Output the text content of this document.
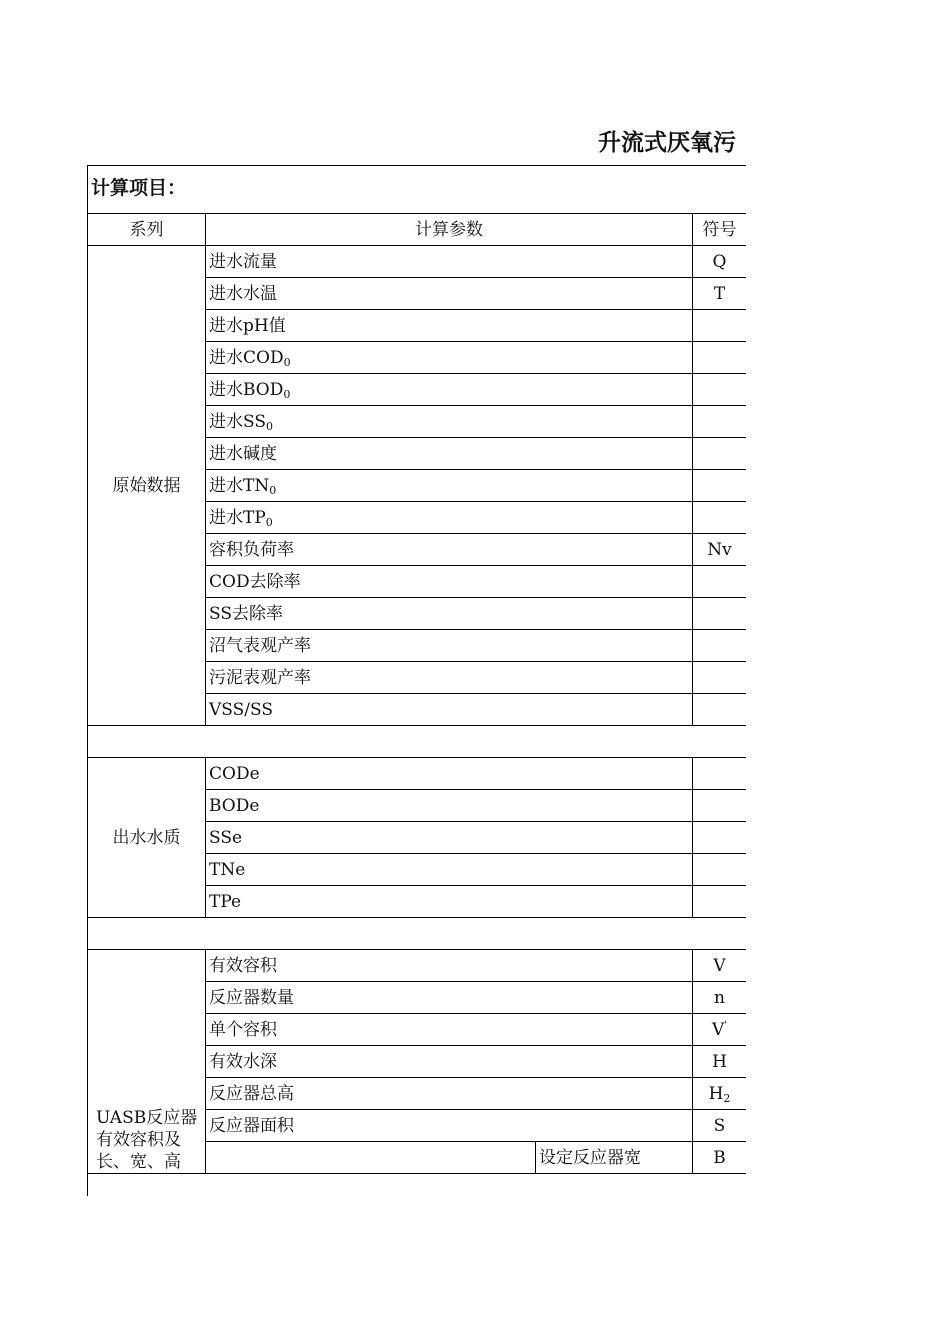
升流式厌氧污
计算项目：
系列	计算参数		符号
原始数据	进水流量		Q
	进水水温		T
	进水pH值		
	进水$COD_0$	
	进水$BOD_0$	
	进水$SS_0$	
	进水碱度		
	进水$TN_0$	
	进水$TP_0$	
	容积负荷率		Nv
	COD去除率		
	SS去除率		
	沼气表观产率		
	污泥表观产率		
	VSS/SS		

出水水质	CODe		
	BODe		
	SSe		
	TNe		
	TPe		

UASB反应器有效容积及长、宽、高	有效容积		V
	反应器数量		n
	单个容积		V'
	有效水深		H
	反应器总高		$H_2$
	反应器面积		S
		设定反应器宽	B
